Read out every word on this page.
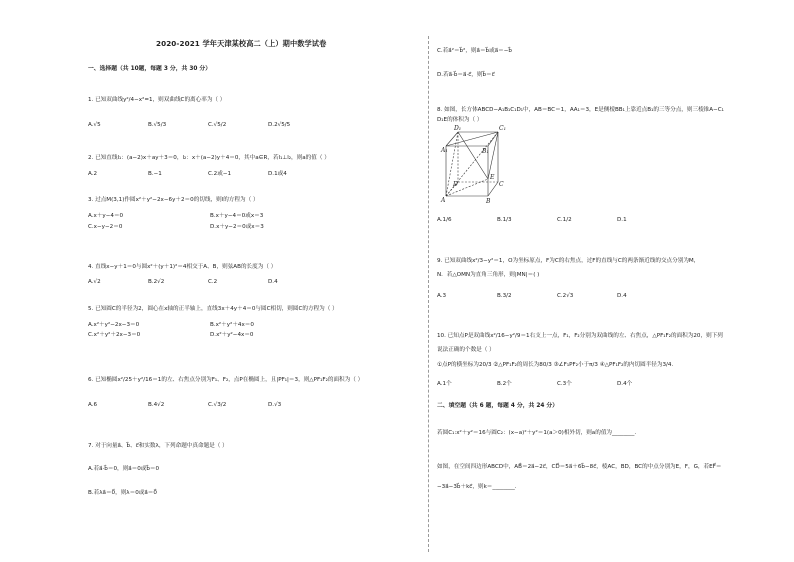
2020-2021 学年天津某校高二（上）期中数学试卷
一、选择题（共 10题，每题 3 分，共 30 分）
1. 已知双曲线y²/4−x²=1，则双曲线C的离心率为（ ）
A.√5	B.√5/3	C.√5/2	D.2√5/5
2. 已知直线l₁：(a−2)x＋ay＋3＝0，l₂：x＋(a−2)y＋4＝0，其中a∈R，若l₁⊥l₂，则a的值（ ）
A.2	B.−1	C.2或−1	D.1或4
3. 过点M(3,1)作圆x²＋y²−2x−6y＋2＝0的切线，则l的方程为（ ）
A.x＋y−4＝0	B.x＋y−4＝0或x＝3
C.x−y−2＝0	D.x＋y−2＝0或x＝3
4. 直线x−y＋1＝0与圆x²＋(y＋1)²＝4相交于A、B，则弦AB的长度为（ ）
A.√2	B.2√2	C.2	D.4
5. 已知圆C的半径为2，圆心在x轴的正半轴上，直线3x＋4y＋4＝0与圆C相切，则圆C的方程为（ ）
A.x²＋y²−2x−3＝0	B.x²＋y²＋4x＝0
C.x²＋y²＋2x−3＝0	D.x²＋y²−4x＝0
6. 已知椭圆x²/25＋y²/16＝1的左、右焦点分别为F₁、F₂，点P在椭圆上，且|PF₁|＝3，则△PF₁F₂的面积为（ ）
A.6	B.4√2	C.√3/2	D.√3
7. 对于向量a⃗、b⃗、c⃗和实数λ，下列命题中真命题是（ ）
A.若a⃗·b⃗＝0，则a⃗＝0或b⃗＝0
B.若λa⃗＝0⃗，则λ＝0或a⃗＝0⃗
C.若a⃗²＝b⃗²，则a⃗＝b⃗或a⃗＝−b⃗
D.若a⃗·b⃗＝a⃗·c⃗，则b⃗＝c⃗
8. 如图，长方体ABCD−A₁B₁C₁D₁中，AB＝BC＝1，AA₁＝3，E是侧棱BB₁上靠近点B₁的三等分点，则三棱锥A−C₁
D₁E的体积为（ ）
D₁	C₁
A₁	B₁
D	C
A	B
E
A.1/6	B.1/3	C.1/2	D.1
9. 已知双曲线x²/3−y²＝1，O为坐标原点，F为C的右焦点，过F的直线与C的两条渐近线的交点分别为M，
N．若△OMN为直角三角形，则|MN|＝( )
A.3	B.3/2	C.2√3	D.4
10. 已知点P是双曲线x²/16−y²/9＝1右支上一点，F₁，F₂分别为双曲线的左、右焦点，△PF₁F₂的面积为20，则下列
说法正确的个数是（ ）
①点P的横坐标为20/3 ②△PF₁F₂的周长为80/3 ③∠F₁PF₂小于π/3 ④△PF₁F₂的内切圆半径为3/4.
A.1个	B.2个	C.3个	D.4个
二、填空题（共 6 题，每题 4 分，共 24 分）
若圆C₁:x²＋y²＝16与圆C₂：(x−a)²＋y²＝1(a＞0)相外切，则a的值为________.
如图，在空间四边形ABCD中，AB⃗＝2a⃗−2c⃗，CD⃗＝5a⃗＋6b⃗−8c⃗，棱AC，BD，BC的中点分别为E，F，G，若EF⃗＝
−3a⃗−3b⃗＋kc⃗，则k＝________.
